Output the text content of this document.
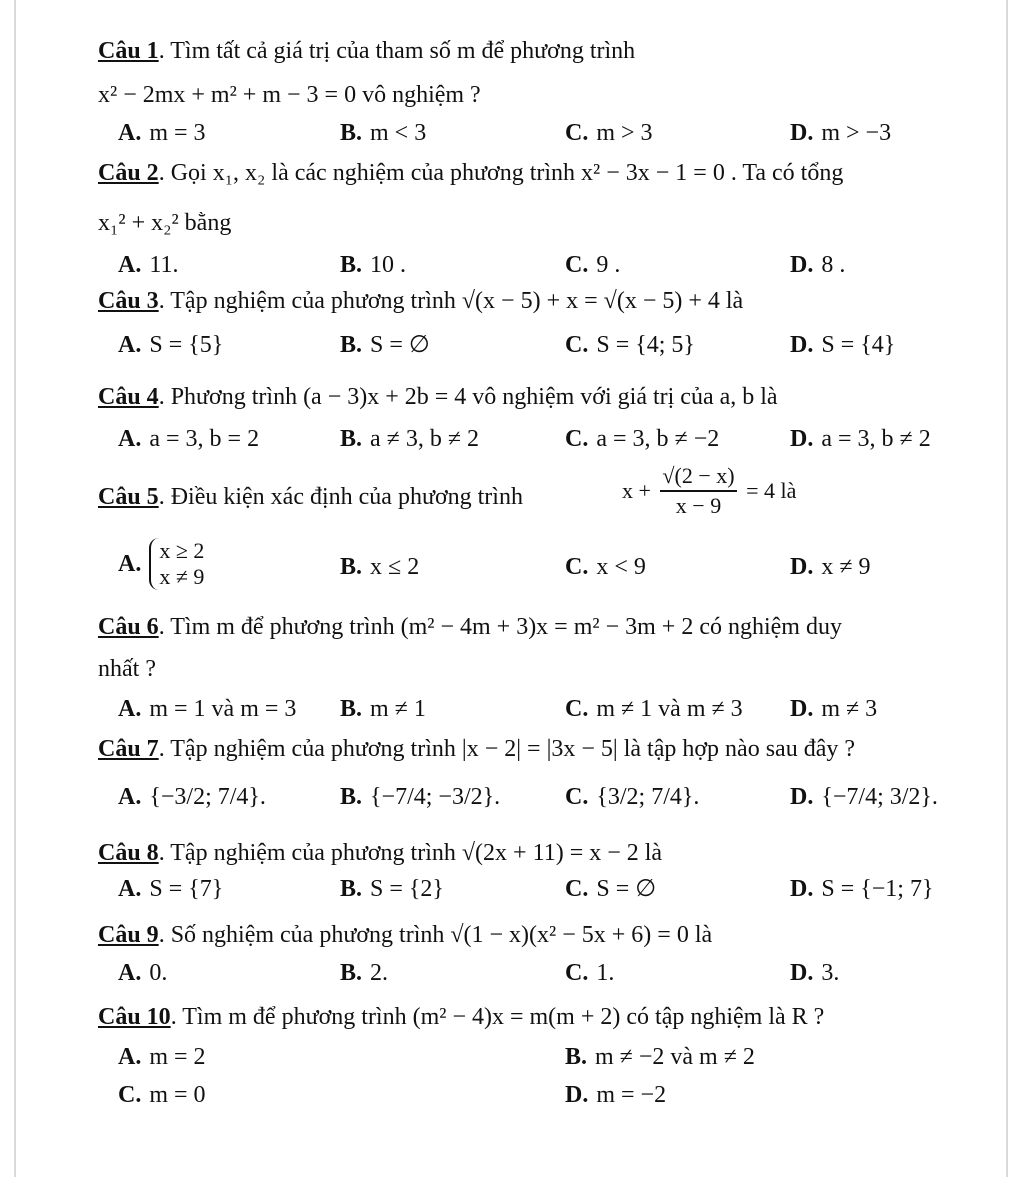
Câu 1. Tìm tất cả giá trị của tham số m để phương trình
x² − 2mx + m² + m − 3 = 0 vô nghiệm ?
A. m = 3	B. m < 3	C. m > 3	D. m > −3
Câu 2. Gọi x₁, x₂ là các nghiệm của phương trình x² − 3x − 1 = 0 . Ta có tổng
x₁² + x₂² bằng
A. 11.	B. 10 .	C. 9 .	D. 8 .
Câu 3. Tập nghiệm của phương trình √(x − 5) + x = √(x − 5) + 4 là
A. S = {5}	B. S = ∅	C. S = {4; 5}	D. S = {4}
Câu 4. Phương trình (a − 3)x + 2b = 4 vô nghiệm với giá trị của a, b là
A. a = 3, b = 2	B. a ≠ 3, b ≠ 2	C. a = 3, b ≠ −2	D. a = 3, b ≠ 2
Câu 5. Điều kiện xác định của phương trình	$x + \frac{√(2 - x)}{x - 9} = 4$ là
A.
x ≥ 2
x ≠ 9	B. x ≤ 2	C. x < 9	D. x ≠ 9
Câu 6. Tìm m để phương trình (m² − 4m + 3)x = m² − 3m + 2 có nghiệm duy
nhất ?
A. m = 1 và m = 3 B. m ≠ 1	C. m ≠ 1 và m ≠ 3 D. m ≠ 3
Câu 7. Tập nghiệm của phương trình |x − 2| = |3x − 5| là tập hợp nào sau đây ?
A. {−3/2; 7/4}.	B. {−7/4; −3/2}.	C. {3/2; 7/4}.	D. {−7/4; 3/2}.
Câu 8. Tập nghiệm của phương trình √(2x + 11) = x − 2 là
A. S = {7}	B. S = {2}	C. S = ∅	D. S = {−1; 7}
Câu 9. Số nghiệm của phương trình √(1 − x)(x² − 5x + 6) = 0 là
A. 0.	B. 2.	C. 1.	D. 3.
Câu 10. Tìm m để phương trình (m² − 4)x = m(m + 2) có tập nghiệm là R ?
A. m = 2	B. m ≠ −2 và m ≠ 2
C. m = 0	D. m = −2
